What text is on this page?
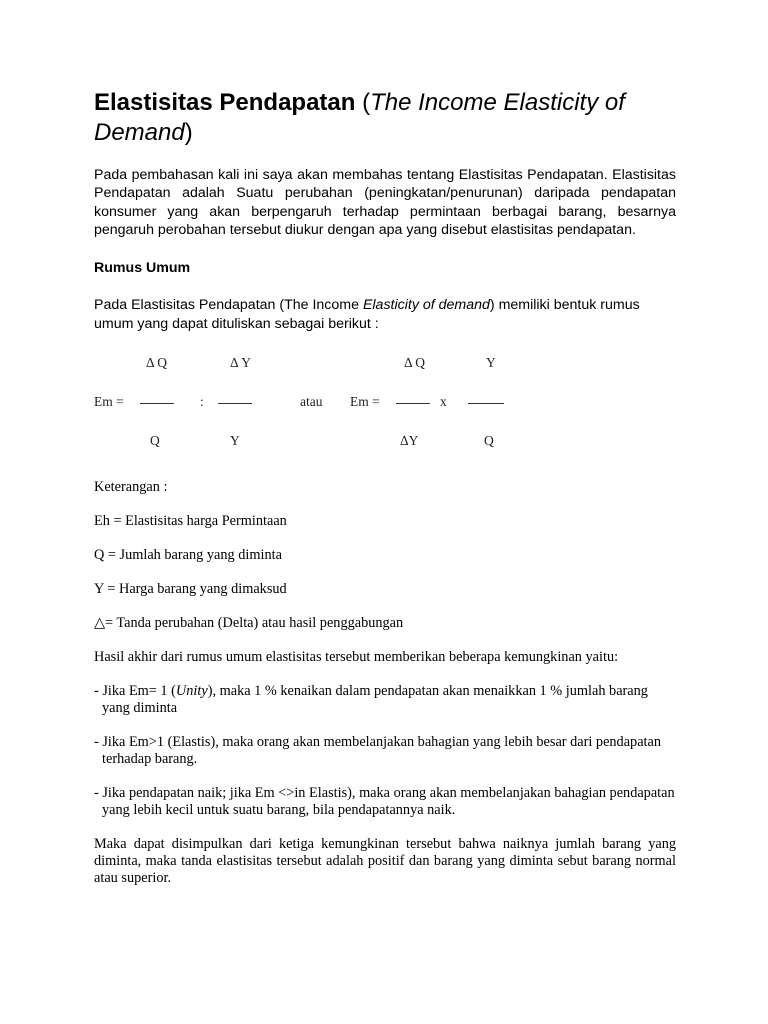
Elastisitas Pendapatan (The Income Elasticity of Demand)

Pada pembahasan kali ini saya akan membahas tentang Elastisitas Pendapatan. Elastisitas Pendapatan adalah Suatu perubahan (peningkatan/penurunan) daripada pendapatan konsumer yang akan berpengaruh terhadap permintaan berbagai barang, besarnya pengaruh perobahan tersebut diukur dengan apa yang disebut elastisitas pendapatan.

Rumus Umum

Pada Elastisitas Pendapatan (The Income Elasticity of demand) memiliki bentuk rumus umum yang dapat dituliskan sebagai berikut :

Δ Q	Δ Y
Em =	:
Q	Y
atau
Δ Q	Y
Em =	x
ΔY	Q

Keterangan :

Eh = Elastisitas harga Permintaan

Q = Jumlah barang yang diminta

Y = Harga barang yang dimaksud

△= Tanda perubahan (Delta) atau hasil penggabungan

Hasil akhir dari rumus umum elastisitas tersebut memberikan beberapa kemungkinan yaitu:

- Jika Em= 1 (Unity), maka 1 % kenaikan dalam pendapatan akan menaikkan 1 % jumlah barang yang diminta

- Jika Em>1 (Elastis), maka orang akan membelanjakan bahagian yang lebih besar dari pendapatan terhadap barang.

- Jika pendapatan naik; jika Em <>in Elastis), maka orang akan membelanjakan bahagian pendapatan yang lebih kecil untuk suatu barang, bila pendapatannya naik.

Maka dapat disimpulkan dari ketiga kemungkinan tersebut bahwa naiknya jumlah barang yang diminta, maka tanda elastisitas tersebut adalah positif dan barang yang diminta sebut barang normal atau superior.
